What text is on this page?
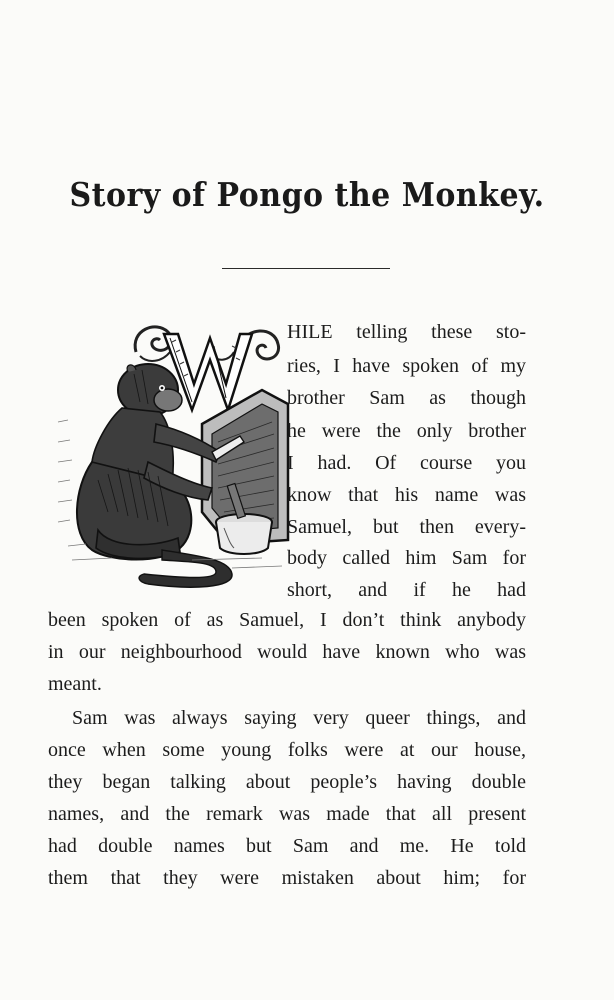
Story of Pongo the Monkey.
HILE telling these sto-
ries, I have spoken of my
brother Sam as though
he were the only brother
I had. Of course you
know that his name was
Samuel, but then every-
body called him Sam for
short, and if he had
been spoken of as Samuel, I don’t think anybody
in our neighbourhood would have known who was
meant.
Sam was always saying very queer things, and
once when some young folks were at our house,
they began talking about people’s having double
names, and the remark was made that all present
had double names but Sam and me. He told
them that they were mistaken about him; for
